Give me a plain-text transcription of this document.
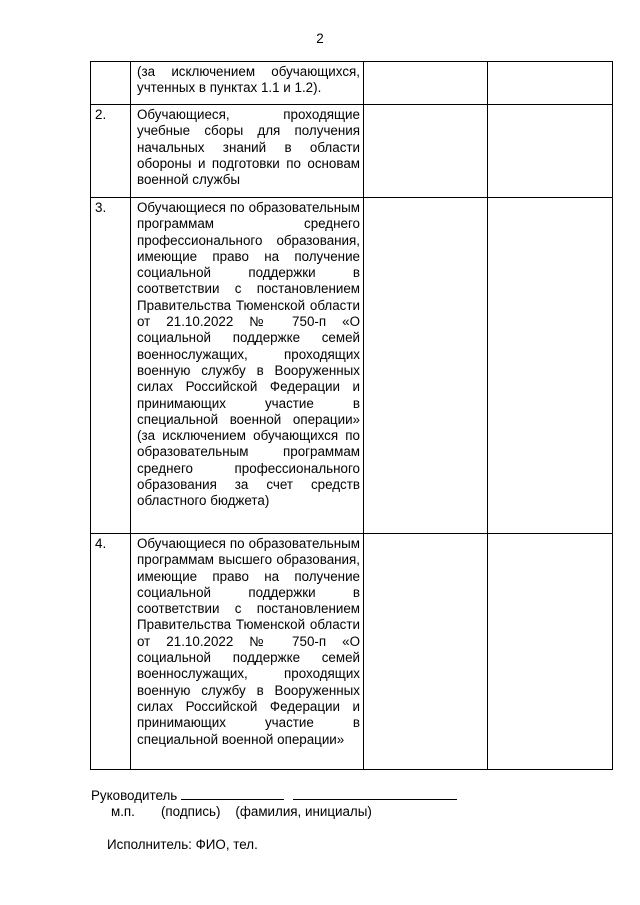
2

	(за исключением обучающихся, учтенных в пунктах 1.1 и 1.2).		

2.	Обучающиеся, проходящие учебные сборы для получения начальных знаний в области обороны и подготовки по основам военной службы		

3.	Обучающиеся по образовательным программам среднего профессионального образования, имеющие право на получение социальной поддержки в соответствии с постановлением Правительства Тюменской области от 21.10.2022 № 750-п «О социальной поддержке семей военнослужащих, проходящих военную службу в Вооруженных силах Российской Федерации и принимающих участие в специальной военной операции» (за исключением обучающихся по образовательным программам среднего профессионального образования за счет средств областного бюджета)		

4.	Обучающиеся по образовательным программам высшего образования, имеющие право на получение социальной поддержки в соответствии с постановлением Правительства Тюменской области от 21.10.2022 № 750-п «О социальной поддержке семей военнослужащих, проходящих военную службу в Вооруженных силах Российской Федерации и принимающих участие в специальной военной операции»		

Руководитель
м.п. (подпись) (фамилия, инициалы)
Исполнитель: ФИО, тел.
